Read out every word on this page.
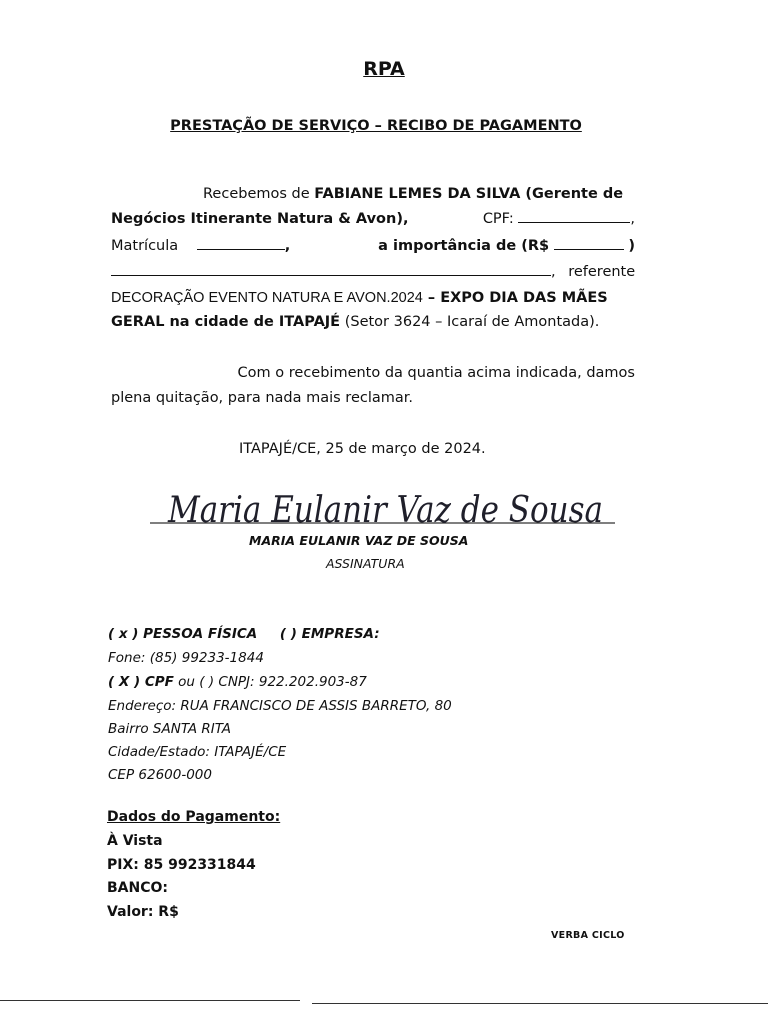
RPA
PRESTAÇÃO DE SERVIÇO – RECIBO DE PAGAMENTO
Recebemos de FABIANE LEMES DA SILVA (Gerente de
Negócios Itinerante Natura & Avon),	CPF:	,
Matrícula	,	a importância de (R$	)
, referente
DECORAÇÃO EVENTO NATURA E AVON.2024 – EXPO DIA DAS MÃES
GERAL na cidade de ITAPAJÉ (Setor 3624 – Icaraí de Amontada).
Com o recebimento da quantia acima indicada, damos
plena quitação, para nada mais reclamar.
ITAPAJÉ/CE, 25 de março de 2024.
Maria Eulanir Vaz de Sousa
MARIA EULANIR VAZ DE SOUSA
ASSINATURA
( x ) PESSOA FÍSICA ( ) EMPRESA:
Fone: (85) 99233-1844
( X ) CPF ou ( ) CNPJ: 922.202.903-87
Endereço: RUA FRANCISCO DE ASSIS BARRETO, 80
Bairro SANTA RITA
Cidade/Estado: ITAPAJÉ/CE
CEP 62600-000
Dados do Pagamento:
À Vista
PIX: 85 992331844
BANCO:
Valor: R$
VERBA CICLO
